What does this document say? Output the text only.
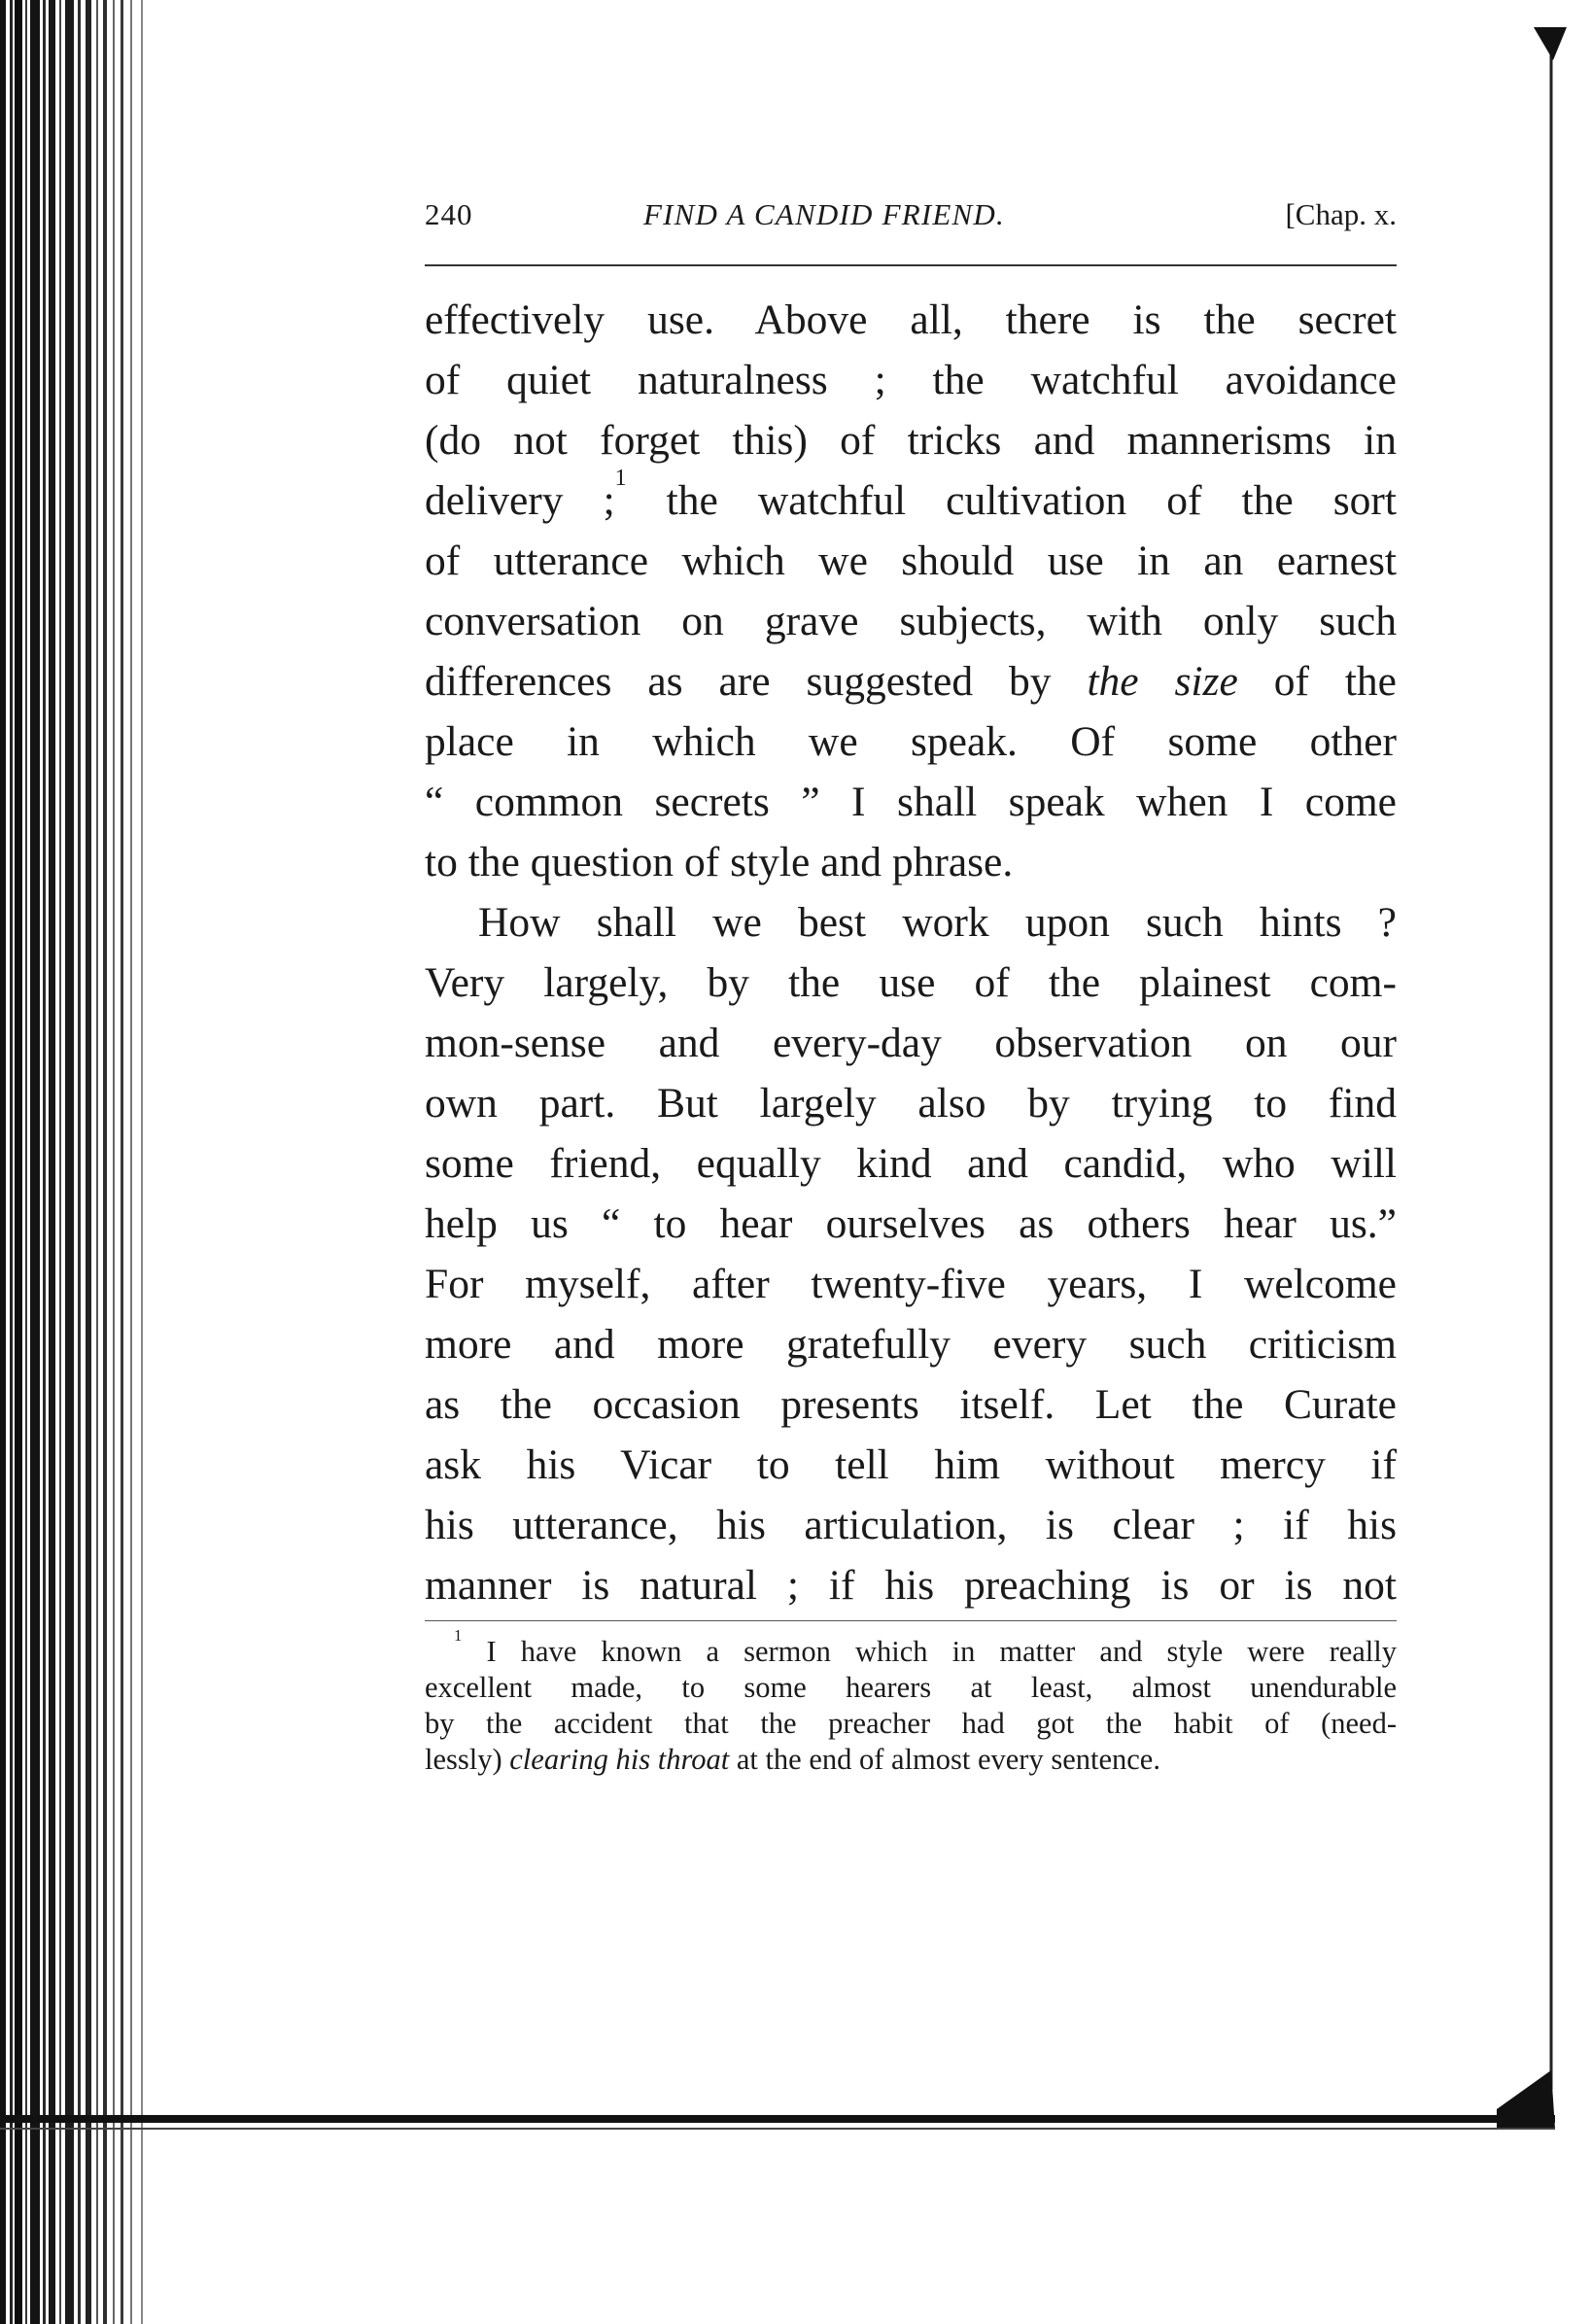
240	FIND A CANDID FRIEND.	[Chap. x.
effectively use. Above all, there is the secret
of quiet naturalness ; the watchful avoidance
(do not forget this) of tricks and mannerisms in
delivery ;$^1$ the watchful cultivation of the sort
of utterance which we should use in an earnest
conversation on grave subjects, with only such
differences as are suggested by the size of the
place in which we speak. Of some other
“ common secrets ” I shall speak when I come
to the question of style and phrase.
How shall we best work upon such hints ?
Very largely, by the use of the plainest com-
mon-sense and every-day observation on our
own part. But largely also by trying to find
some friend, equally kind and candid, who will
help us “ to hear ourselves as others hear us.”
For myself, after twenty-five years, I welcome
more and more gratefully every such criticism
as the occasion presents itself. Let the Curate
ask his Vicar to tell him without mercy if
his utterance, his articulation, is clear ; if his
manner is natural ; if his preaching is or is not
$^1$ I have known a sermon which in matter and style were really
excellent made, to some hearers at least, almost unendurable
by the accident that the preacher had got the habit of (need-
lessly) clearing his throat at the end of almost every sentence.
